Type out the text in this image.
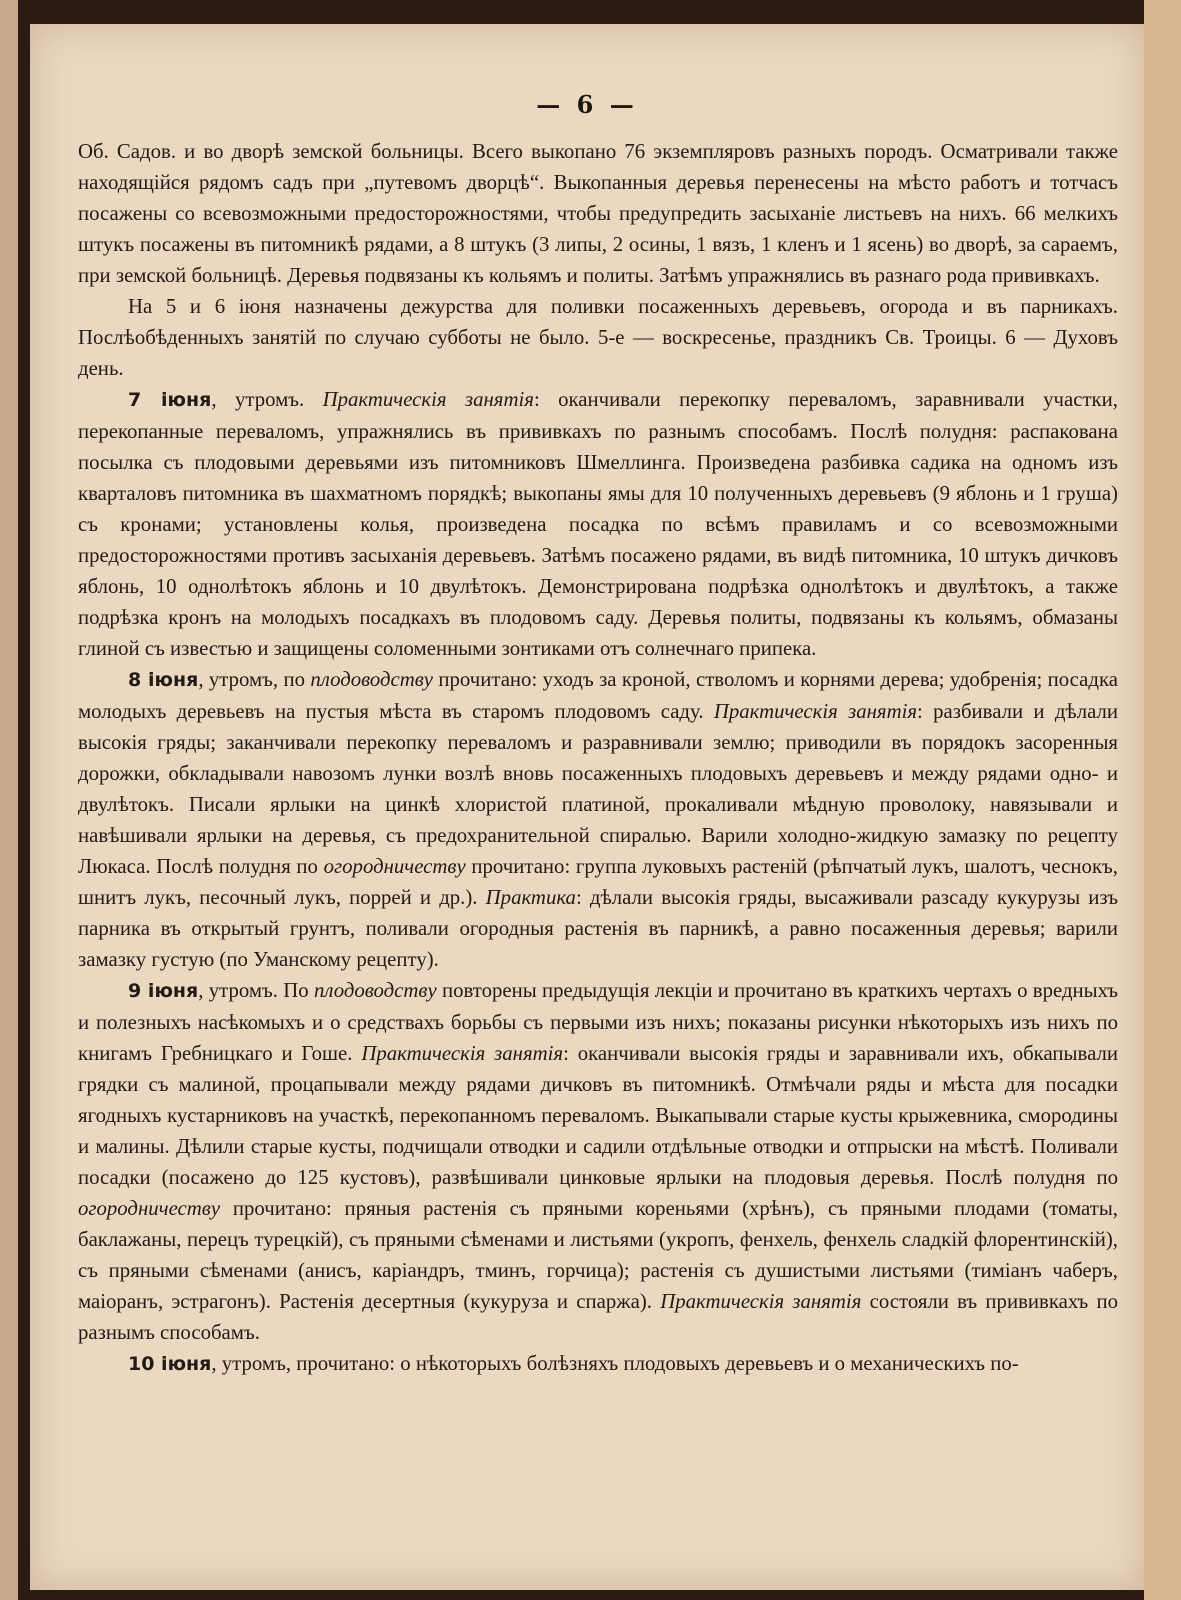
— 6 —

Об. Садов. и во дворѣ земской больницы. Всего выкопано 76 экземпляровъ разныхъ породъ. Осматривали также находящiйся рядомъ садъ при „путевомъ дворцѣ“. Выкопанныя деревья перенесены на мѣсто работъ и тотчасъ посажены со всевозможными предосторожностями, чтобы предупредить засыханiе листьевъ на нихъ. 66 мелкихъ штукъ посажены въ питомникѣ рядами, а 8 штукъ (3 липы, 2 осины, 1 вязъ, 1 кленъ и 1 ясень) во дворѣ, за сараемъ, при земской больницѣ. Деревья подвязаны къ кольямъ и политы. Затѣмъ упражнялись въ разнаго рода прививкахъ.

На 5 и 6 iюня назначены дежурства для поливки посаженныхъ деревьевъ, огорода и въ парникахъ. Послѣобѣденныхъ занятiй по случаю субботы не было. 5-е — воскресенье, праздникъ Св. Троицы. 6 — Духовъ день.

7 iюня, утромъ. Практическiя занятiя: оканчивали перекопку переваломъ, заравнивали участки, перекопанные переваломъ, упражнялись въ прививкахъ по разнымъ способамъ. Послѣ полудня: распакована посылка съ плодовыми деревьями изъ питомниковъ Шмеллинга. Произведена разбивка садика на одномъ изъ кварталовъ питомника въ шахматномъ порядкѣ; выкопаны ямы для 10 полученныхъ деревьевъ (9 яблонь и 1 груша) съ кронами; установлены колья, произведена посадка по всѣмъ правиламъ и со всевозможными предосторожностями противъ засыханiя деревьевъ. Затѣмъ посажено рядами, въ видѣ питомника, 10 штукъ дичковъ яблонь, 10 однолѣтокъ яблонь и 10 двулѣтокъ. Демонстрирована подрѣзка однолѣтокъ и двулѣтокъ, а также подрѣзка кронъ на молодыхъ посадкахъ въ плодовомъ саду. Деревья политы, подвязаны къ кольямъ, обмазаны глиной съ известью и защищены соломенными зонтиками отъ солнечнаго припека.

8 iюня, утромъ, по плодоводству прочитано: уходъ за кроной, стволомъ и корнями дерева; удобренiя; посадка молодыхъ деревьевъ на пустыя мѣста въ старомъ плодовомъ саду. Практическiя занятiя: разбивали и дѣлали высокiя гряды; заканчивали перекопку переваломъ и разравнивали землю; приводили въ порядокъ засоренныя дорожки, обкладывали навозомъ лунки возлѣ вновь посаженныхъ плодовыхъ деревьевъ и между рядами одно- и двулѣтокъ. Писали ярлыки на цинкѣ хлористой платиной, прокаливали мѣдную проволоку, навязывали и навѣшивали ярлыки на деревья, съ предохранительной спиралью. Варили холодно-жидкую замазку по рецепту Люкаса. Послѣ полудня по огородничеству прочитано: группа луковыхъ растенiй (рѣпчатый лукъ, шалотъ, чеснокъ, шнитъ лукъ, песочный лукъ, поррей и др.). Практика: дѣлали высокiя гряды, высаживали разсаду кукурузы изъ парника въ открытый грунтъ, поливали огородныя растенiя въ парникѣ, а равно посаженныя деревья; варили замазку густую (по Уманскому рецепту).

9 iюня, утромъ. По плодоводству повторены предыдущiя лекцiи и прочитано въ краткихъ чертахъ о вредныхъ и полезныхъ насѣкомыхъ и о средствахъ борьбы съ первыми изъ нихъ; показаны рисунки нѣкоторыхъ изъ нихъ по книгамъ Гребницкаго и Гоше. Практическiя занятiя: оканчивали высокiя гряды и заравнивали ихъ, обкапывали грядки съ малиной, процапывали между рядами дичковъ въ питомникѣ. Отмѣчали ряды и мѣста для посадки ягодныхъ кустарниковъ на участкѣ, перекопанномъ переваломъ. Выкапывали старые кусты крыжевника, смородины и малины. Дѣлили старые кусты, подчищали отводки и садили отдѣльные отводки и отпрыски на мѣстѣ. Поливали посадки (посажено до 125 кустовъ), развѣшивали цинковые ярлыки на плодовыя деревья. Послѣ полудня по огородничеству прочитано: пряныя растенiя съ пряными кореньями (хрѣнъ), съ пряными плодами (томаты, баклажаны, перецъ турецкiй), съ пряными сѣменами и листьями (укропъ, фенхель, фенхель сладкiй флорентинскiй), съ пряными сѣменами (анисъ, карiандръ, тминъ, горчица); растенiя съ душистыми листьями (тимiанъ чаберъ, маiоранъ, эстрагонъ). Растенiя десертныя (кукуруза и спаржа). Практическiя занятiя состояли въ прививкахъ по разнымъ способамъ.

10 iюня, утромъ, прочитано: о нѣкоторыхъ болѣзняхъ плодовыхъ деревьевъ и о механическихъ по-
